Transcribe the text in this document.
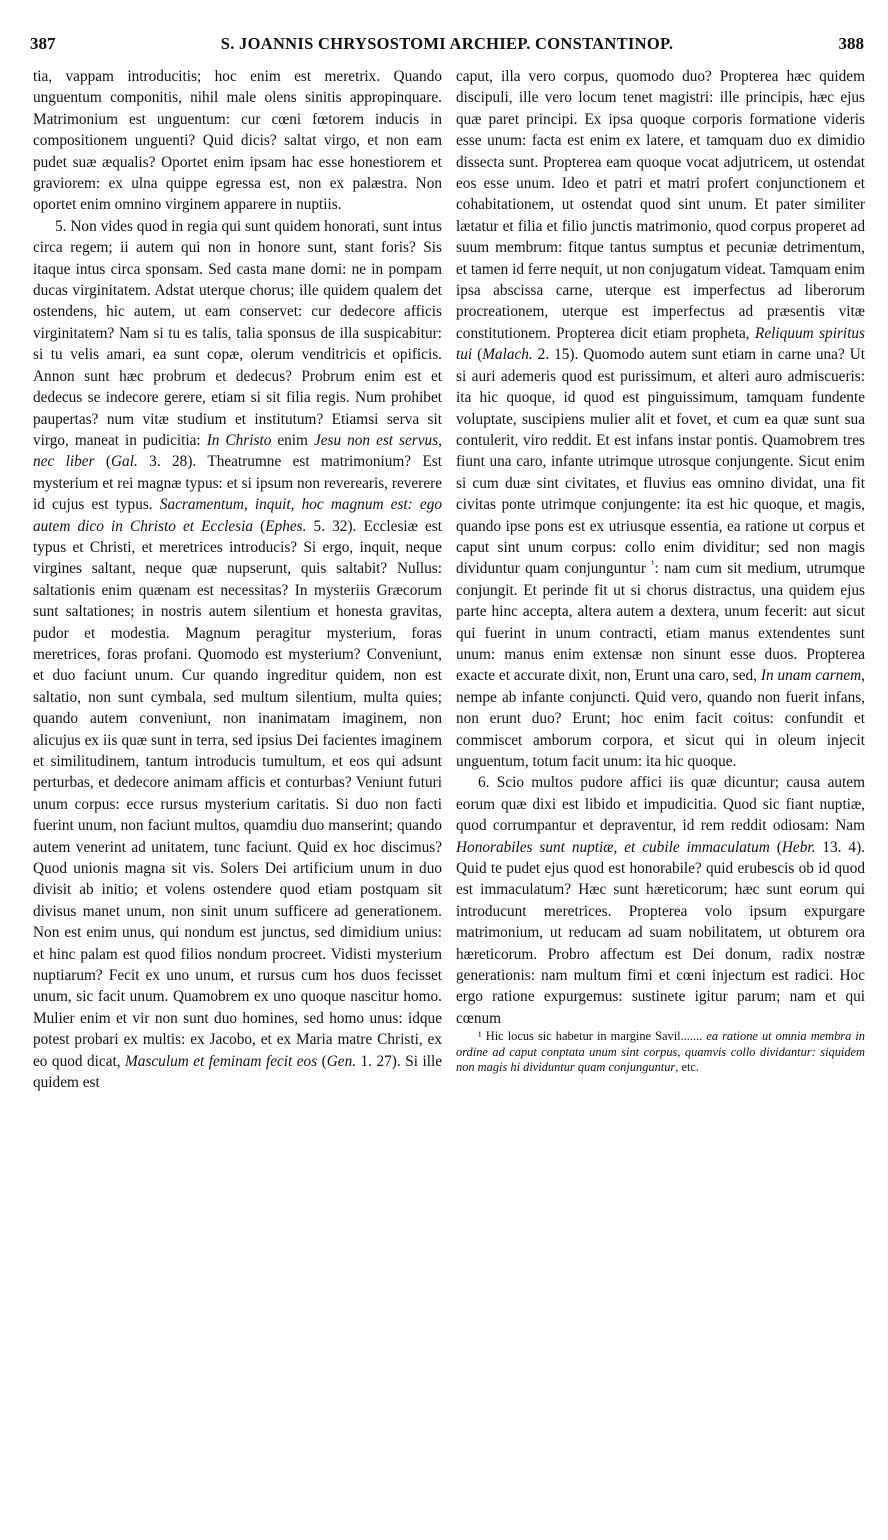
387	S. JOANNIS CHRYSOSTOMI ARCHIEP. CONSTANTINOP.	388

tia, vappam introducitis; hoc enim est meretrix. Quando unguentum componitis, nihil male olens sinitis appropinquare. Matrimonium est unguentum: cur cœni fœtorem inducis in compositionem unguenti? Quid dicis? saltat virgo, et non eam pudet suæ æqualis? Oportet enim ipsam hac esse honestiorem et graviorem: ex ulna quippe egressa est, non ex palæstra. Non oportet enim omnino virginem apparere in nuptiis.

5. Non vides quod in regia qui sunt quidem honorati, sunt intus circa regem; ii autem qui non in honore sunt, stant foris? Sis itaque intus circa sponsam. Sed casta mane domi: ne in pompam ducas virginitatem. Adstat uterque chorus; ille quidem qualem det ostendens, hic autem, ut eam conservet: cur dedecore afficis virginitatem? Nam si tu es talis, talia sponsus de illa suspicabitur: si tu velis amari, ea sunt copæ, olerum venditricis et opificis. Annon sunt hæc probrum et dedecus? Probrum enim est et dedecus se indecore gerere, etiam si sit filia regis. Num prohibet paupertas? num vitæ studium et institutum? Etiamsi serva sit virgo, maneat in pudicitia: In Christo enim Jesu non est servus, nec liber (Gal. 3. 28). Theatrumne est matrimonium? Est mysterium et rei magnæ typus: et si ipsum non reverearis, reverere id cujus est typus. Sacramentum, inquit, hoc magnum est: ego autem dico in Christo et Ecclesia (Ephes. 5. 32). Ecclesiæ est typus et Christi, et meretrices introducis? Si ergo, inquit, neque virgines saltant, neque quæ nupserunt, quis saltabit? Nullus: saltationis enim quænam est necessitas? In mysteriis Græcorum sunt saltationes; in nostris autem silentium et honesta gravitas, pudor et modestia. Magnum peragitur mysterium, foras meretrices, foras profani. Quomodo est mysterium? Conveniunt, et duo faciunt unum. Cur quando ingreditur quidem, non est saltatio, non sunt cymbala, sed multum silentium, multa quies; quando autem conveniunt, non inanimatam imaginem, non alicujus ex iis quæ sunt in terra, sed ipsius Dei facientes imaginem et similitudinem, tantum introducis tumultum, et eos qui adsunt perturbas, et dedecore animam afficis et conturbas? Veniunt futuri unum corpus: ecce rursus mysterium caritatis. Si duo non facti fuerint unum, non faciunt multos, quamdiu duo manserint; quando autem venerint ad unitatem, tunc faciunt. Quid ex hoc discimus? Quod unionis magna sit vis. Solers Dei artificium unum in duo divisit ab initio; et volens ostendere quod etiam postquam sit divisus manet unum, non sinit unum sufficere ad generationem. Non est enim unus, qui nondum est junctus, sed dimidium unius: et hinc palam est quod filios nondum procreet. Vidisti mysterium nuptiarum? Fecit ex uno unum, et rursus cum hos duos fecisset unum, sic facit unum. Quamobrem ex uno quoque nascitur homo. Mulier enim et vir non sunt duo homines, sed homo unus: idque potest probari ex multis: ex Jacobo, et ex Maria matre Christi, ex eo quod dicat, Masculum et feminam fecit eos (Gen. 1. 27). Si ille quidem est

caput, illa vero corpus, quomodo duo? Propterea hæc quidem discipuli, ille vero locum tenet magistri: ille principis, hæc ejus quæ paret principi. Ex ipsa quoque corporis formatione videris esse unum: facta est enim ex latere, et tamquam duo ex dimidio dissecta sunt. Propterea eam quoque vocat adjutricem, ut ostendat eos esse unum. Ideo et patri et matri profert conjunctionem et cohabitationem, ut ostendat quod sint unum. Et pater similiter lætatur et filia et filio junctis matrimonio, quod corpus properet ad suum membrum: fitque tantus sumptus et pecuniæ detrimentum, et tamen id ferre nequit, ut non conjugatum videat. Tamquam enim ipsa abscissa carne, uterque est imperfectus ad liberorum procreationem, uterque est imperfectus ad præsentis vitæ constitutionem. Propterea dicit etiam propheta, Reliquum spiritus tui (Malach. 2. 15). Quomodo autem sunt etiam in carne una? Ut si auri ademeris quod est purissimum, et alteri auro admiscueris: ita hic quoque, id quod est pinguissimum, tamquam fundente voluptate, suscipiens mulier alit et fovet, et cum ea quæ sunt sua contulerit, viro reddit. Et est infans instar pontis. Quamobrem tres fiunt una caro, infante utrimque utrosque conjungente. Sicut enim si cum duæ sint civitates, et fluvius eas omnino dividat, una fit civitas ponte utrimque conjungente: ita est hic quoque, et magis, quando ipse pons est ex utriusque essentia, ea ratione ut corpus et caput sint unum corpus: collo enim dividitur; sed non magis dividuntur quam conjunguntur $^{^1}$: nam cum sit medium, utrumque conjungit. Et perinde fit ut si chorus distractus, una quidem ejus parte hinc accepta, altera autem a dextera, unum fecerit: aut sicut qui fuerint in unum contracti, etiam manus extendentes sunt unum: manus enim extensæ non sinunt esse duos. Propterea exacte et accurate dixit, non, Erunt una caro, sed, In unam carnem, nempe ab infante conjuncti. Quid vero, quando non fuerit infans, non erunt duo? Erunt; hoc enim facit coitus: confundit et commiscet amborum corpora, et sicut qui in oleum injecit unguentum, totum facit unum: ita hic quoque.

6. Scio multos pudore affici iis quæ dicuntur; causa autem eorum quæ dixi est libido et impudicitia. Quod sic fiant nuptiæ, quod corrumpantur et depraventur, id rem reddit odiosam: Nam Honorabiles sunt nuptiæ, et cubile immaculatum (Hebr. 13. 4). Quid te pudet ejus quod est honorabile? quid erubescis ob id quod est immaculatum? Hæc sunt hæreticorum; hæc sunt eorum qui introducunt meretrices. Propterea volo ipsum expurgare matrimonium, ut reducam ad suam nobilitatem, ut obturem ora hæreticorum. Probro affectum est Dei donum, radix nostræ generationis: nam multum fimi et cœni injectum est radici. Hoc ergo ratione expurgemus: sustinete igitur parum; nam et qui cœnum

¹ Hic locus sic habetur in margine Savil....... ea ratione ut omnia membra in ordine ad caput conptata unum sint corpus, quamvis collo dividantur: siquidem non magis hi dividuntur quam conjunguntur, etc.
